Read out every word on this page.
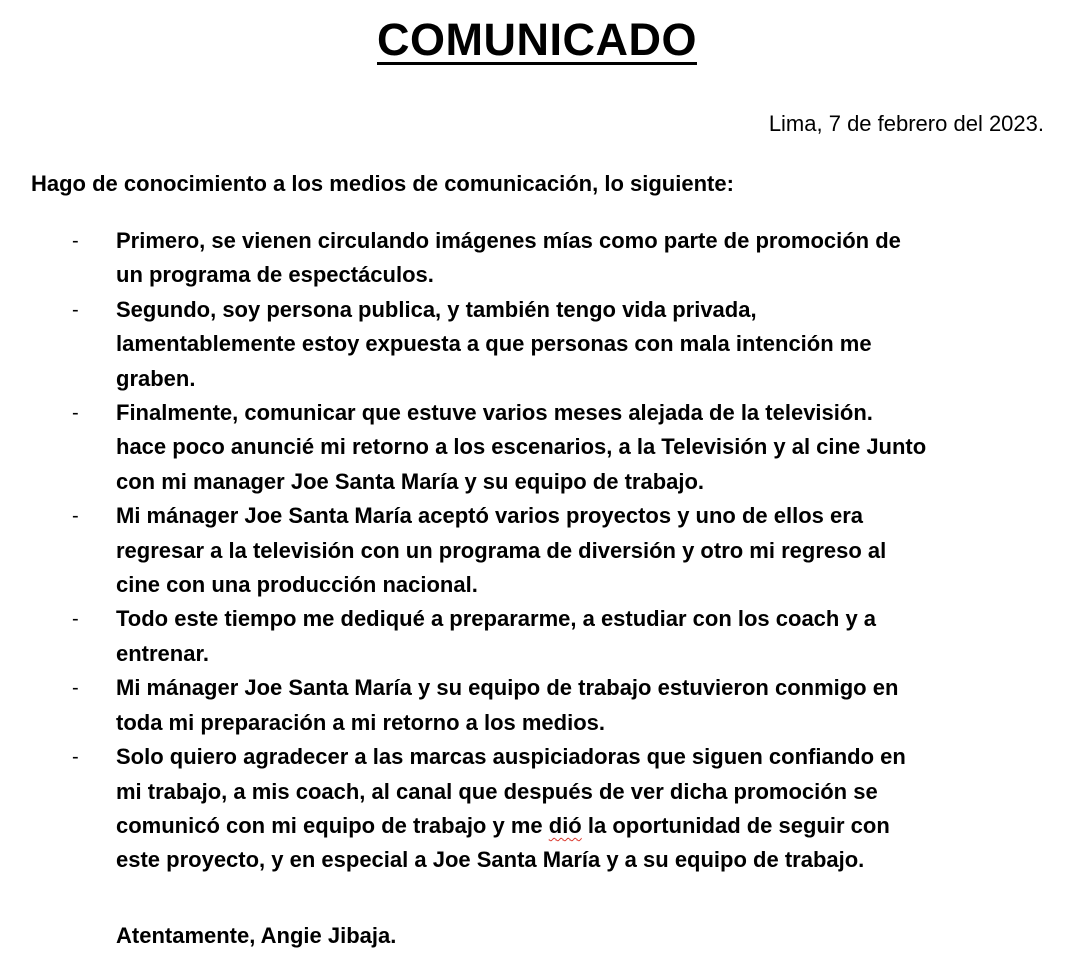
COMUNICADO
Lima, 7 de febrero del 2023.
Hago de conocimiento a los medios de comunicación, lo siguiente:
- Primero, se vienen circulando imágenes mías como parte de promoción de
un programa de espectáculos.
- Segundo, soy persona publica, y también tengo vida privada,
lamentablemente estoy expuesta a que personas con mala intención me
graben.
- Finalmente, comunicar que estuve varios meses alejada de la televisión.
hace poco anuncié mi retorno a los escenarios, a la Televisión y al cine Junto
con mi manager Joe Santa María y su equipo de trabajo.
- Mi mánager Joe Santa María aceptó varios proyectos y uno de ellos era
regresar a la televisión con un programa de diversión y otro mi regreso al
cine con una producción nacional.
- Todo este tiempo me dediqué a prepararme, a estudiar con los coach y a
entrenar.
- Mi mánager Joe Santa María y su equipo de trabajo estuvieron conmigo en
toda mi preparación a mi retorno a los medios.
- Solo quiero agradecer a las marcas auspiciadoras que siguen confiando en
mi trabajo, a mis coach, al canal que después de ver dicha promoción se
comunicó con mi equipo de trabajo y me dió la oportunidad de seguir con
este proyecto, y en especial a Joe Santa María y a su equipo de trabajo.
Atentamente, Angie Jibaja.
